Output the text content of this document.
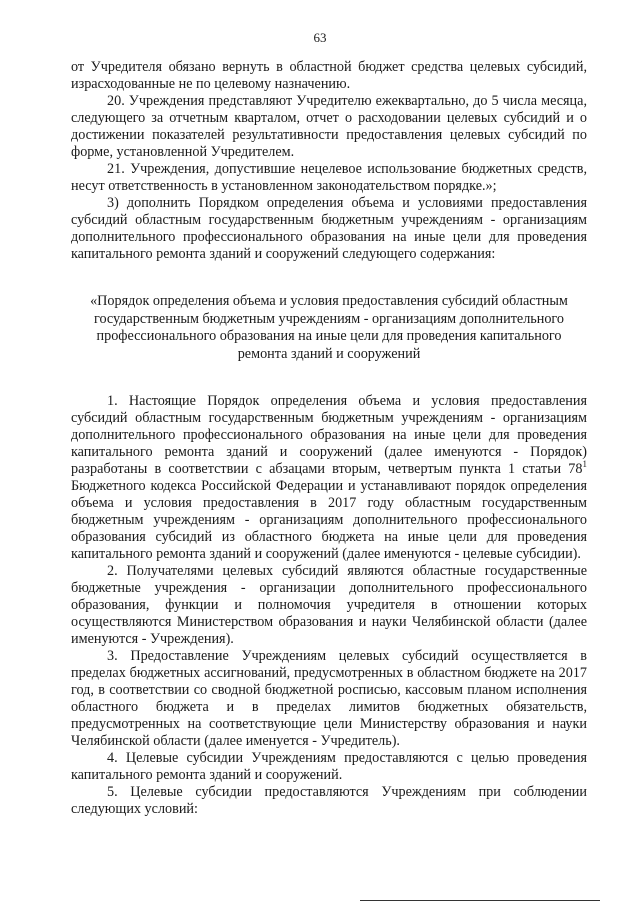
63

от Учредителя обязано вернуть в областной бюджет средства целевых субсидий, израсходованные не по целевому назначению.

20. Учреждения представляют Учредителю ежеквартально, до 5 числа месяца, следующего за отчетным кварталом, отчет о расходовании целевых субсидий и о достижении показателей результативности предоставления целевых субсидий по форме, установленной Учредителем.

21. Учреждения, допустившие нецелевое использование бюджетных средств, несут ответственность в установленном законодательством порядке.»;

3) дополнить Порядком определения объема и условиями предоставления субсидий областным государственным бюджетным учреждениям - организациям дополнительного профессионального образования на иные цели для проведения капитального ремонта зданий и сооружений следующего содержания:

«Порядок определения объема и условия предоставления субсидий областным государственным бюджетным учреждениям - организациям дополнительного профессионального образования на иные цели для проведения капитального ремонта зданий и сооружений

1. Настоящие Порядок определения объема и условия предоставления субсидий областным государственным бюджетным учреждениям - организациям дополнительного профессионального образования на иные цели для проведения капитального ремонта зданий и сооружений (далее именуются - Порядок) разработаны в соответствии с абзацами вторым, четвертым пункта 1 статьи $78^1$ Бюджетного кодекса Российской Федерации и устанавливают порядок определения объема и условия предоставления в 2017 году областным государственным бюджетным учреждениям - организациям дополнительного профессионального образования субсидий из областного бюджета на иные цели для проведения капитального ремонта зданий и сооружений (далее именуются - целевые субсидии).

2. Получателями целевых субсидий являются областные государственные бюджетные учреждения - организации дополнительного профессионального образования, функции и полномочия учредителя в отношении которых осуществляются Министерством образования и науки Челябинской области (далее именуются - Учреждения).

3. Предоставление Учреждениям целевых субсидий осуществляется в пределах бюджетных ассигнований, предусмотренных в областном бюджете на 2017 год, в соответствии со сводной бюджетной росписью, кассовым планом исполнения областного бюджета и в пределах лимитов бюджетных обязательств, предусмотренных на соответствующие цели Министерству образования и науки Челябинской области (далее именуется - Учредитель).

4. Целевые субсидии Учреждениям предоставляются с целью проведения капитального ремонта зданий и сооружений.

5. Целевые субсидии предоставляются Учреждениям при соблюдении следующих условий:
